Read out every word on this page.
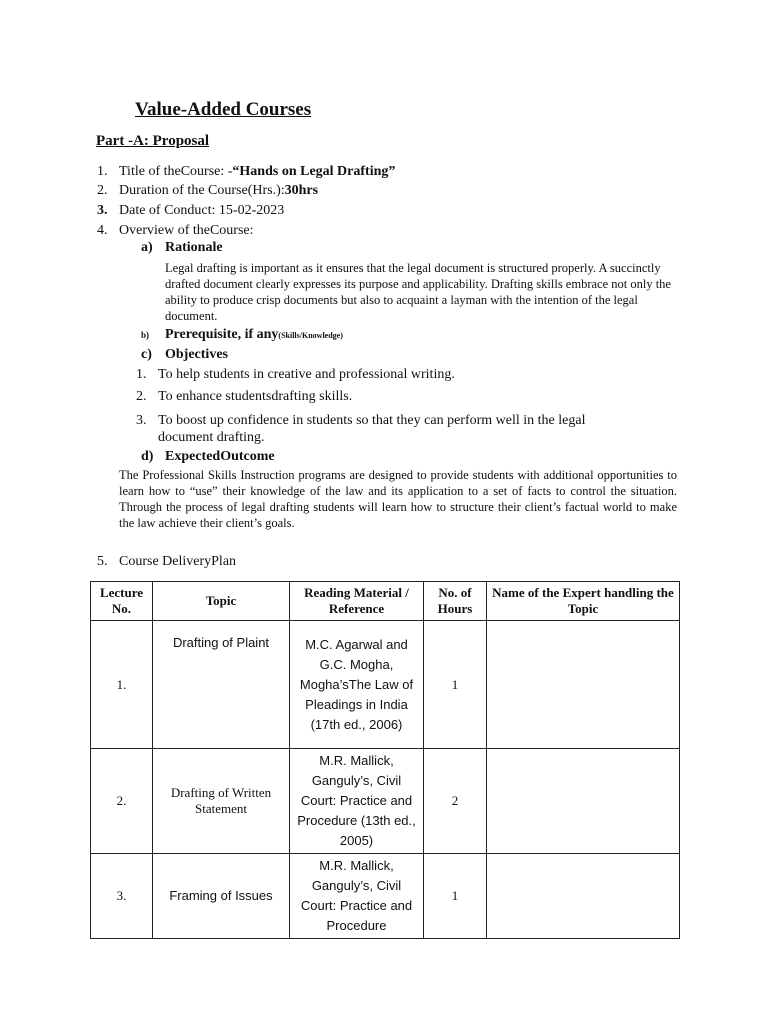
Value-Added Courses
Part -A: Proposal
1. Title of theCourse: -“Hands on Legal Drafting”
2. Duration of the Course(Hrs.):30hrs
3. Date of Conduct: 15-02-2023
4. Overview of theCourse:
a) Rationale
Legal drafting is important as it ensures that the legal document is structured properly. A succinctly drafted document clearly expresses its purpose and applicability. Drafting skills embrace not only the ability to produce crisp documents but also to acquaint a layman with the intention of the legal document.
b) Prerequisite, if any(Skills/Knowledge)
c) Objectives
1. To help students in creative and professional writing.
2. To enhance studentsdrafting skills.
3. To boost up confidence in students so that they can perform well in the legal document drafting.
d) ExpectedOutcome
The Professional Skills Instruction programs are designed to provide students with additional opportunities to learn how to “use” their knowledge of the law and its application to a set of facts to control the situation. Through the process of legal drafting students will learn how to structure their client’s factual world to make the law achieve their client’s goals.
5. Course DeliveryPlan
Lecture No.	Topic	Reading Material / Reference	No. of Hours	Name of the Expert handling the Topic
1.	Drafting of Plaint	M.C. Agarwal and G.C. Mogha, Mogha’sThe Law of Pleadings in India (17th ed., 2006)	1	
2.	Drafting of Written Statement	M.R. Mallick, Ganguly’s, Civil Court: Practice and Procedure (13th ed., 2005)	2	
3.	Framing of Issues	M.R. Mallick, Ganguly’s, Civil Court: Practice and Procedure	1	
